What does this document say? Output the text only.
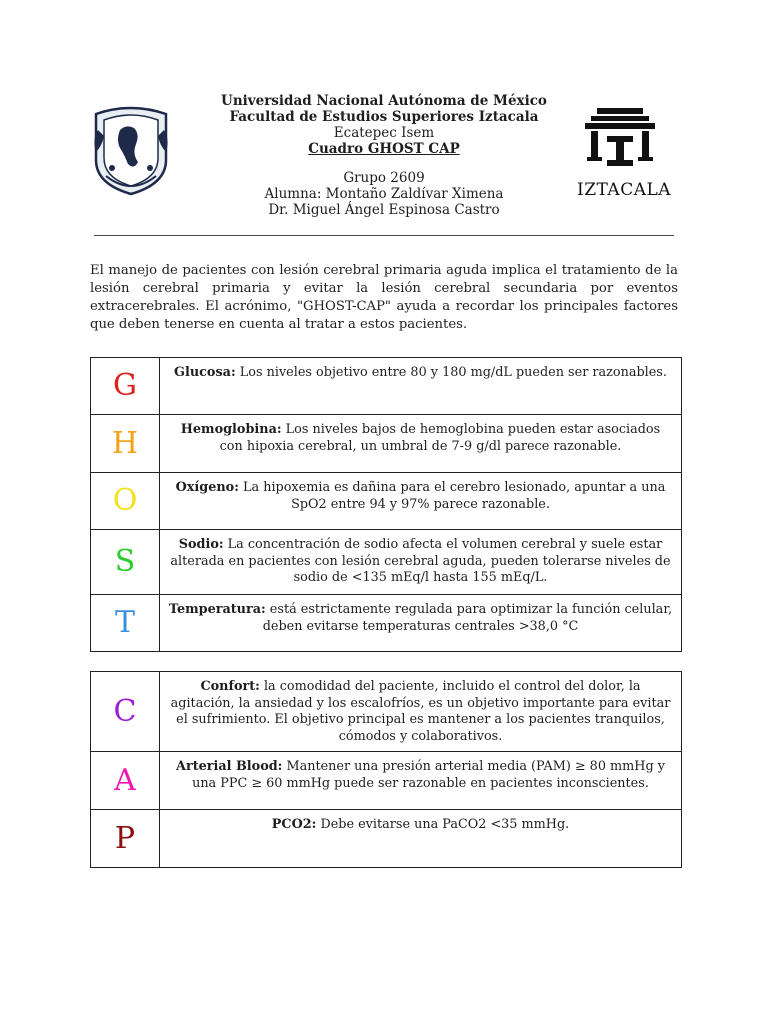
IZTACALA
Universidad Nacional Autónoma de México
Facultad de Estudios Superiores Iztacala
Ecatepec Isem
Cuadro GHOST CAP
Grupo 2609
Alumna: Montaño Zaldívar Ximena
Dr. Miguel Ángel Espinosa Castro
El manejo de pacientes con lesión cerebral primaria aguda implica el tratamiento de la lesión cerebral primaria y evitar la lesión cerebral secundaria por eventos extracerebrales. El acrónimo, "GHOST-CAP" ayuda a recordar los principales factores que deben tenerse en cuenta al tratar a estos pacientes.
G	Glucosa: Los niveles objetivo entre 80 y 180 mg/dL pueden ser razonables.
H	Hemoglobina: Los niveles bajos de hemoglobina pueden estar asociados con hipoxia cerebral, un umbral de 7-9 g/dl parece razonable.
O	Oxígeno: La hipoxemia es dañina para el cerebro lesionado, apuntar a una SpO2 entre 94 y 97% parece razonable.
S	Sodio: La concentración de sodio afecta el volumen cerebral y suele estar alterada en pacientes con lesión cerebral aguda, pueden tolerarse niveles de sodio de <135 mEq/l hasta 155 mEq/L.
T	Temperatura: está estrictamente regulada para optimizar la función celular, deben evitarse temperaturas centrales >38,0 °C
C	Confort: la comodidad del paciente, incluido el control del dolor, la agitación, la ansiedad y los escalofríos, es un objetivo importante para evitar el sufrimiento. El objetivo principal es mantener a los pacientes tranquilos, cómodos y colaborativos.
A	Arterial Blood: Mantener una presión arterial media (PAM) ≥ 80 mmHg y una PPC ≥ 60 mmHg puede ser razonable en pacientes inconscientes.
P	PCO2: Debe evitarse una PaCO2 <35 mmHg.
